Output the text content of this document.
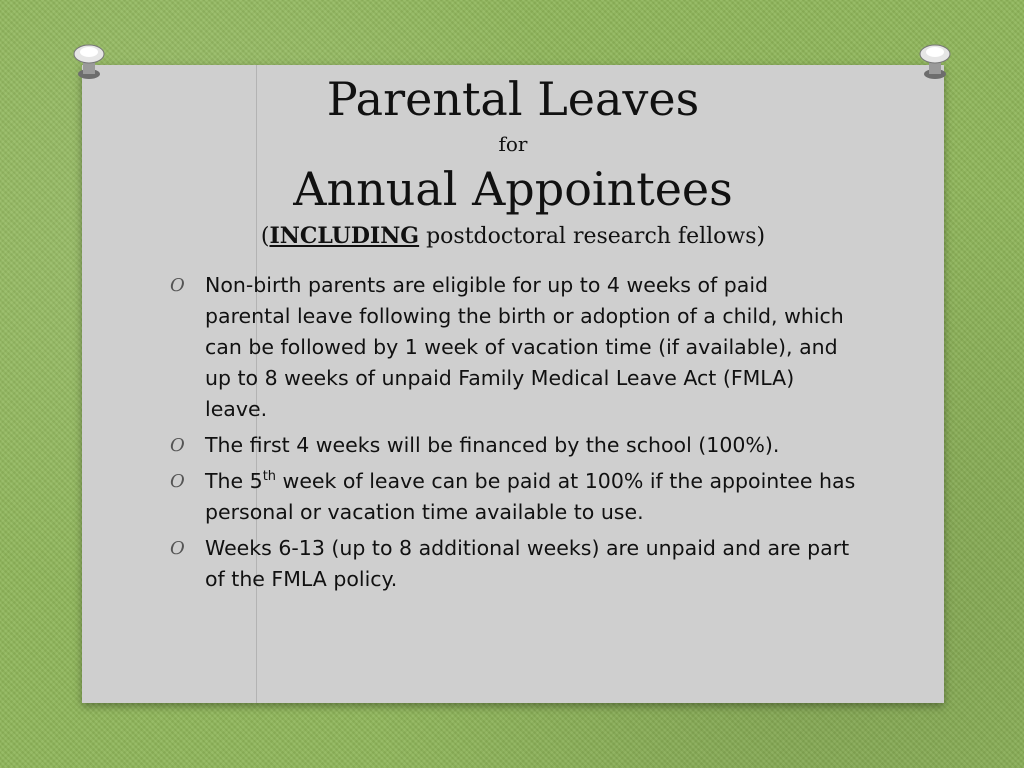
Parental Leaves
for
Annual Appointees
(INCLUDING postdoctoral research fellows)
O Non-birth parents are eligible for up to 4 weeks of paid parental leave following the birth or adoption of a child, which can be followed by 1 week of vacation time (if available), and up to 8 weeks of unpaid Family Medical Leave Act (FMLA) leave.
O The first 4 weeks will be financed by the school (100%).
O The 5th week of leave can be paid at 100% if the appointee has personal or vacation time available to use.
O Weeks 6-13 (up to 8 additional weeks) are unpaid and are part of the FMLA policy.
